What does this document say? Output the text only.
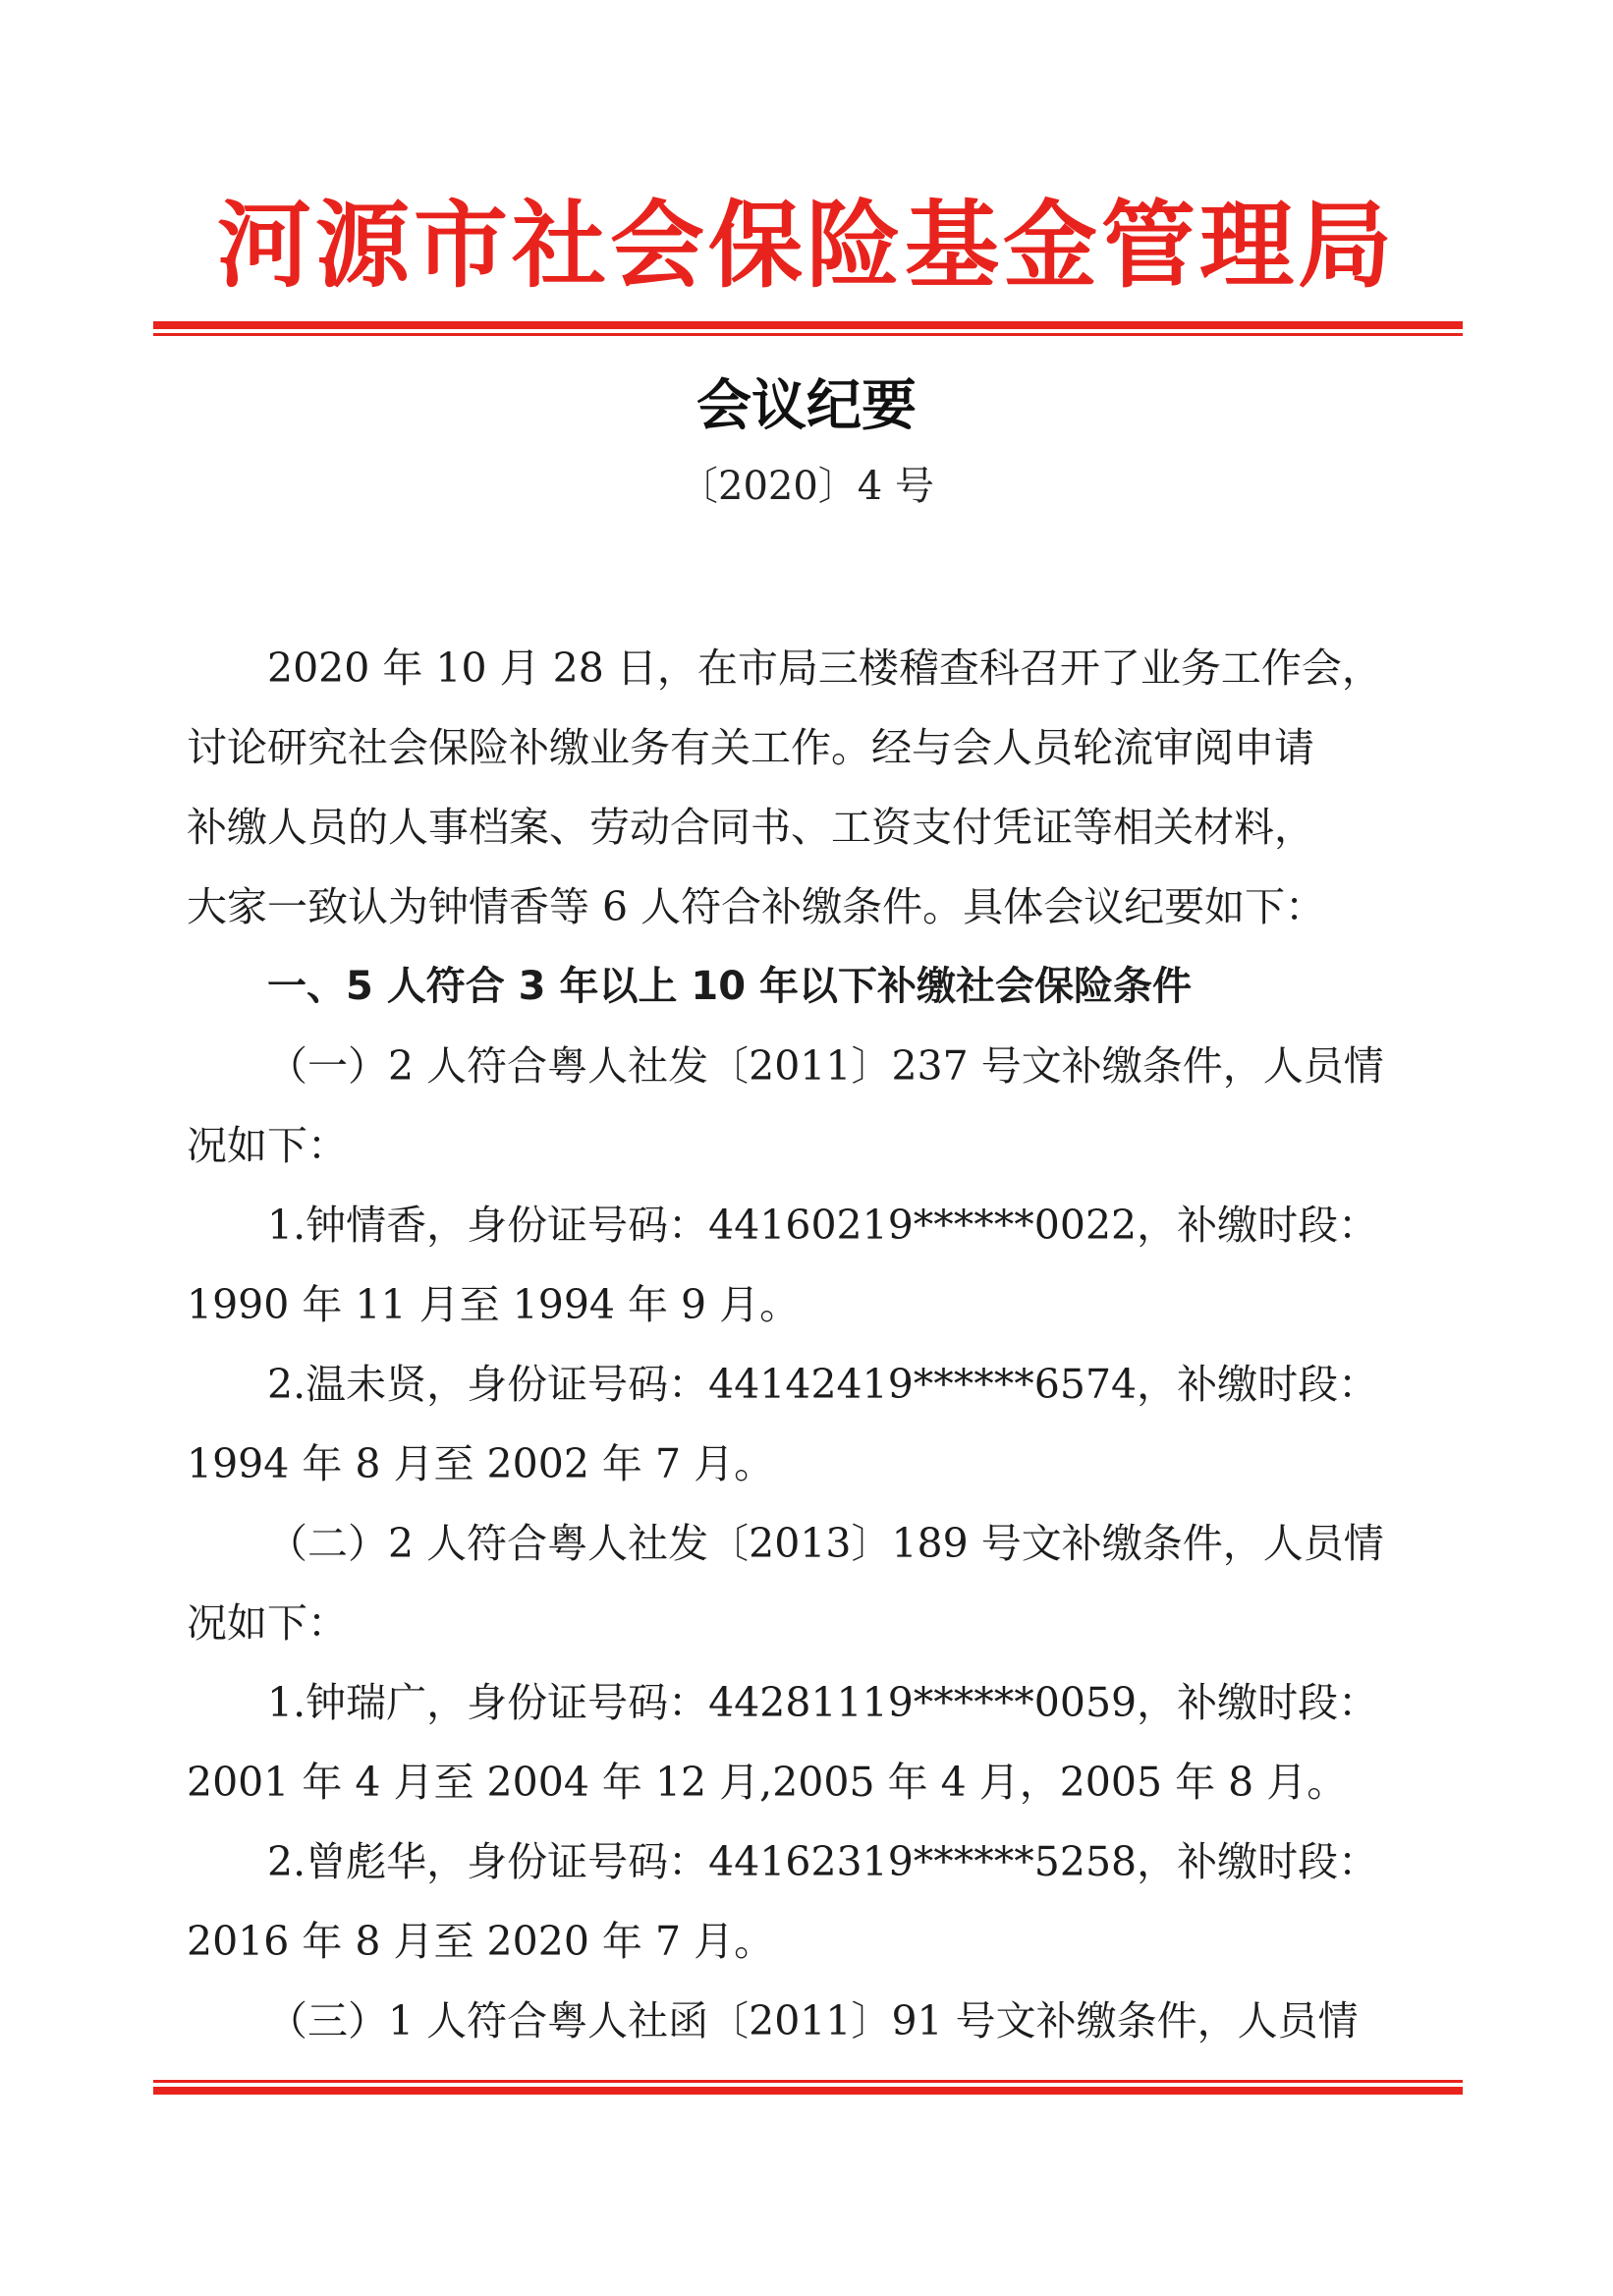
河源市社会保险基金管理局
会议纪要
〔2020〕4 号

2020 年 10 月 28 日，在市局三楼稽查科召开了业务工作会，

讨论研究社会保险补缴业务有关工作。经与会人员轮流审阅申请

补缴人员的人事档案、劳动合同书、工资支付凭证等相关材料，

大家一致认为钟情香等 6 人符合补缴条件。具体会议纪要如下：

一、5 人符合 3 年以上 10 年以下补缴社会保险条件

（一）2 人符合粤人社发〔2011〕237 号文补缴条件，人员情

况如下：

1.钟情香，身份证号码：44160219******0022，补缴时段：

1990 年 11 月至 1994 年 9 月。

2.温未贤，身份证号码：44142419******6574，补缴时段：

1994 年 8 月至 2002 年 7 月。

（二）2 人符合粤人社发〔2013〕189 号文补缴条件，人员情

况如下：

1.钟瑞广，身份证号码：44281119******0059，补缴时段：

2001 年 4 月至 2004 年 12 月,2005 年 4 月，2005 年 8 月。

2.曾彪华，身份证号码：44162319******5258，补缴时段：

2016 年 8 月至 2020 年 7 月。

（三）1 人符合粤人社函〔2011〕91 号文补缴条件，人员情
